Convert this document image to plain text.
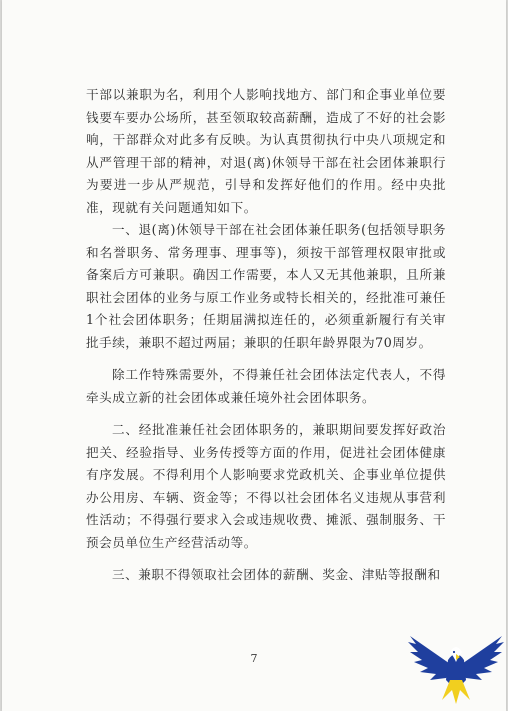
干部以兼职为名，利用个人影响找地方、部门和企事业单位要钱要车要办公场所，甚至领取较高薪酬，造成了不好的社会影响，干部群众对此多有反映。为认真贯彻执行中央八项规定和从严管理干部的精神，对退(离)休领导干部在社会团体兼职行为要进一步从严规范，引导和发挥好他们的作用。经中央批准，现就有关问题通知如下。

一、退(离)休领导干部在社会团体兼任职务(包括领导职务和名誉职务、常务理事、理事等)，须按干部管理权限审批或备案后方可兼职。确因工作需要，本人又无其他兼职，且所兼职社会团体的业务与原工作业务或特长相关的，经批准可兼任1个社会团体职务；任期届满拟连任的，必须重新履行有关审批手续，兼职不超过两届；兼职的任职年龄界限为70周岁。

除工作特殊需要外，不得兼任社会团体法定代表人，不得牵头成立新的社会团体或兼任境外社会团体职务。

二、经批准兼任社会团体职务的，兼职期间要发挥好政治把关、经验指导、业务传授等方面的作用，促进社会团体健康有序发展。不得利用个人影响要求党政机关、企事业单位提供办公用房、车辆、资金等；不得以社会团体名义违规从事营利性活动；不得强行要求入会或违规收费、摊派、强制服务、干预会员单位生产经营活动等。

三、兼职不得领取社会团体的薪酬、奖金、津贴等报酬和

7
